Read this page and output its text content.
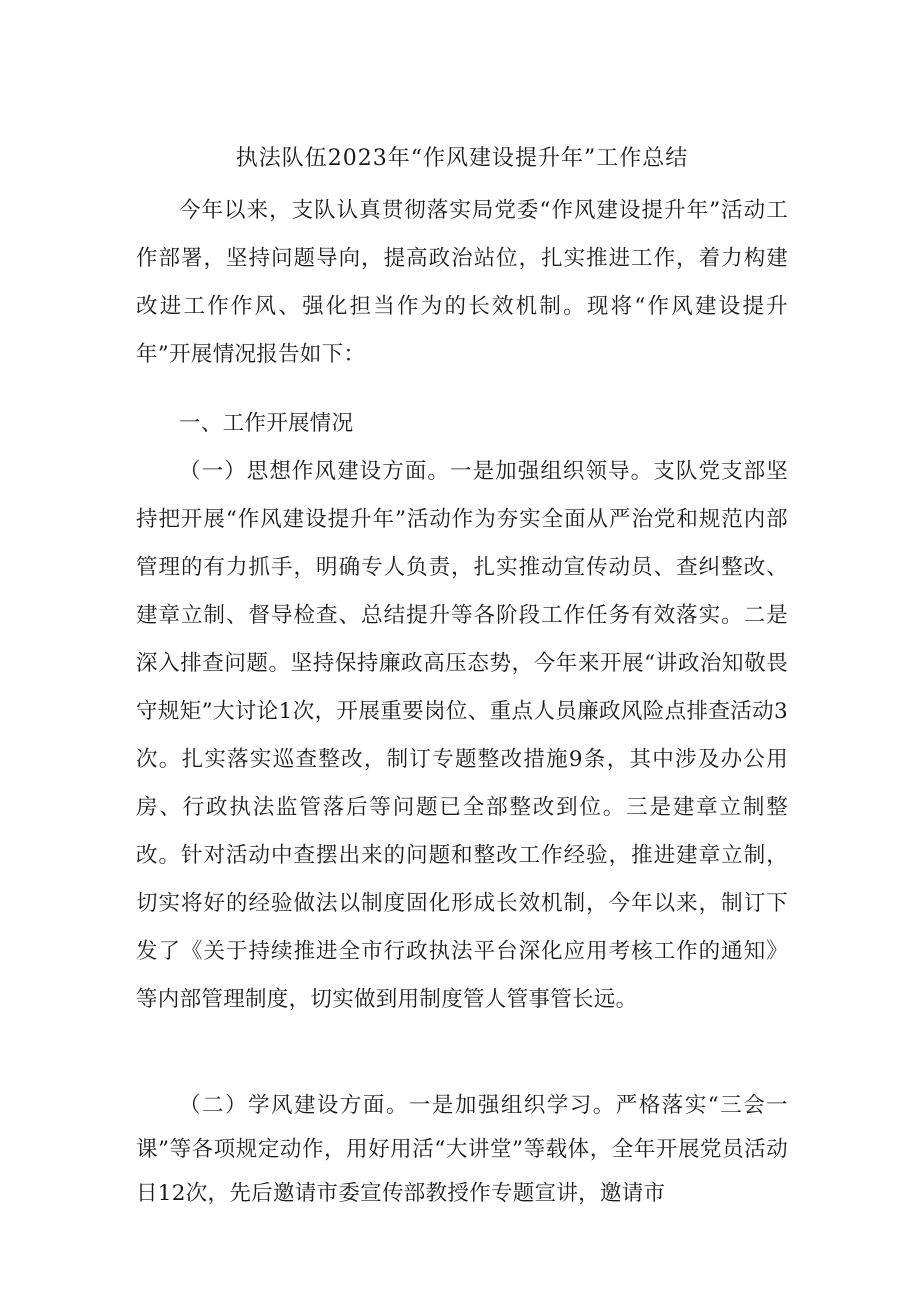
执法队伍2023年“作风建设提升年”工作总结

今年以来，支队认真贯彻落实局党委“作风建设提升年”活动工作部署，坚持问题导向，提高政治站位，扎实推进工作，着力构建改进工作作风、强化担当作为的长效机制。现将“作风建设提升年”开展情况报告如下：

一、工作开展情况

（一）思想作风建设方面。一是加强组织领导。支队党支部坚持把开展“作风建设提升年”活动作为夯实全面从严治党和规范内部管理的有力抓手，明确专人负责，扎实推动宣传动员、查纠整改、建章立制、督导检查、总结提升等各阶段工作任务有效落实。二是深入排查问题。坚持保持廉政高压态势，今年来开展“讲政治知敬畏守规矩”大讨论1次，开展重要岗位、重点人员廉政风险点排查活动3次。扎实落实巡查整改，制订专题整改措施9条，其中涉及办公用房、行政执法监管落后等问题已全部整改到位。三是建章立制整改。针对活动中查摆出来的问题和整改工作经验，推进建章立制，切实将好的经验做法以制度固化形成长效机制，今年以来，制订下发了《关于持续推进全市行政执法平台深化应用考核工作的通知》等内部管理制度，切实做到用制度管人管事管长远。

（二）学风建设方面。一是加强组织学习。严格落实“三会一课”等各项规定动作，用好用活“大讲堂”等载体，全年开展党员活动日12次，先后邀请市委宣传部教授作专题宣讲，邀请市
